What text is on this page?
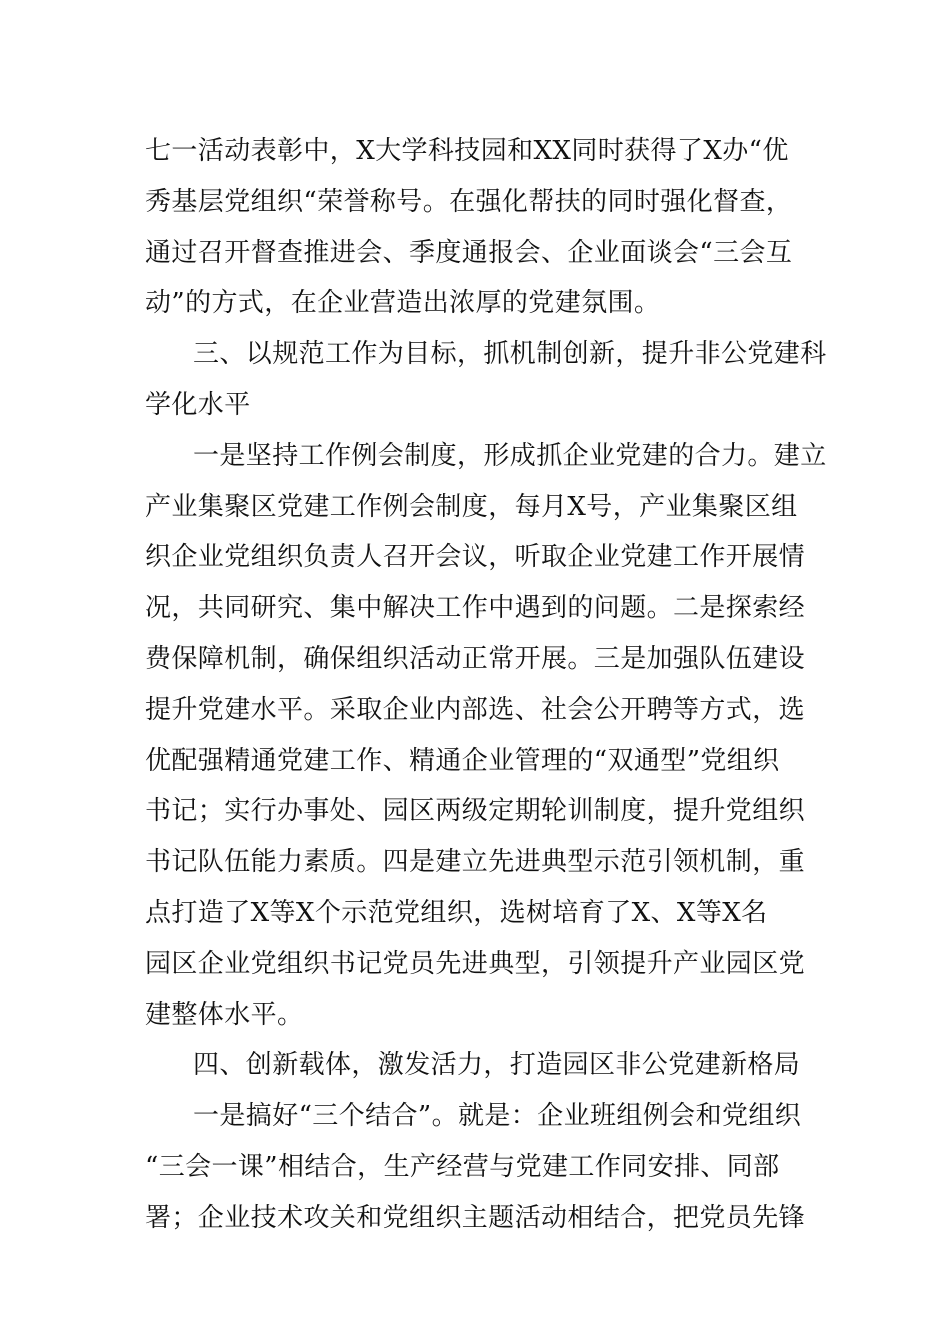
七一活动表彰中，X大学科技园和XX同时获得了X办“优
秀基层党组织“荣誉称号。在强化帮扶的同时强化督查，
通过召开督查推进会、季度通报会、企业面谈会“三会互
动”的方式，在企业营造出浓厚的党建氛围。
三、以规范工作为目标，抓机制创新，提升非公党建科
学化水平
一是坚持工作例会制度，形成抓企业党建的合力。建立
产业集聚区党建工作例会制度，每月X号，产业集聚区组
织企业党组织负责人召开会议，听取企业党建工作开展情
况，共同研究、集中解决工作中遇到的问题。二是探索经
费保障机制，确保组织活动正常开展。三是加强队伍建设
提升党建水平。采取企业内部选、社会公开聘等方式，选
优配强精通党建工作、精通企业管理的“双通型”党组织
书记；实行办事处、园区两级定期轮训制度，提升党组织
书记队伍能力素质。四是建立先进典型示范引领机制，重
点打造了X等X个示范党组织，选树培育了X、X等X名
园区企业党组织书记党员先进典型，引领提升产业园区党
建整体水平。
四、创新载体，激发活力，打造园区非公党建新格局
一是搞好“三个结合”。就是：企业班组例会和党组织
“三会一课”相结合，生产经营与党建工作同安排、同部
署；企业技术攻关和党组织主题活动相结合，把党员先锋
